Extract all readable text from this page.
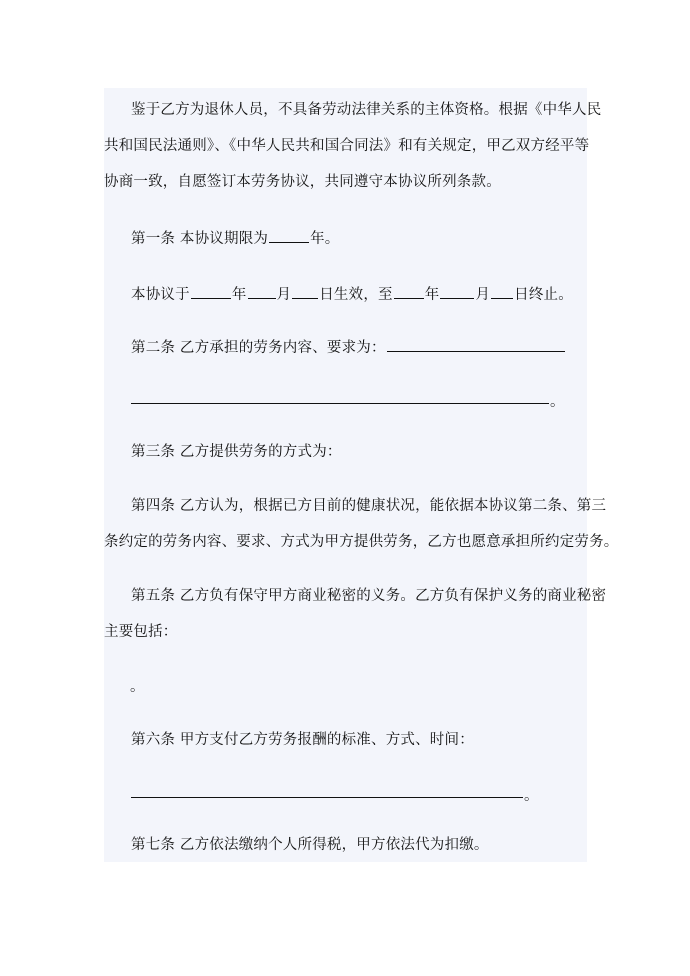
鉴于乙方为退休人员，不具备劳动法律关系的主体资格。根据《中华人民
共和国民法通则》、《中华人民共和国合同法》和有关规定，甲乙双方经平等
协商一致，自愿签订本劳务协议，共同遵守本协议所列条款。
第一条 本协议期限为	年。
本协议于	年 月 日生效，至 年 月 日终止。
第二条 乙方承担的劳务内容、要求为：
。
第三条 乙方提供劳务的方式为：
第四条 乙方认为，根据已方目前的健康状况，能依据本协议第二条、第三
条约定的劳务内容、要求、方式为甲方提供劳务，乙方也愿意承担所约定劳务。
第五条 乙方负有保守甲方商业秘密的义务。乙方负有保护义务的商业秘密
主要包括：
。
第六条 甲方支付乙方劳务报酬的标准、方式、时间：
。
第七条 乙方依法缴纳个人所得税，甲方依法代为扣缴。
